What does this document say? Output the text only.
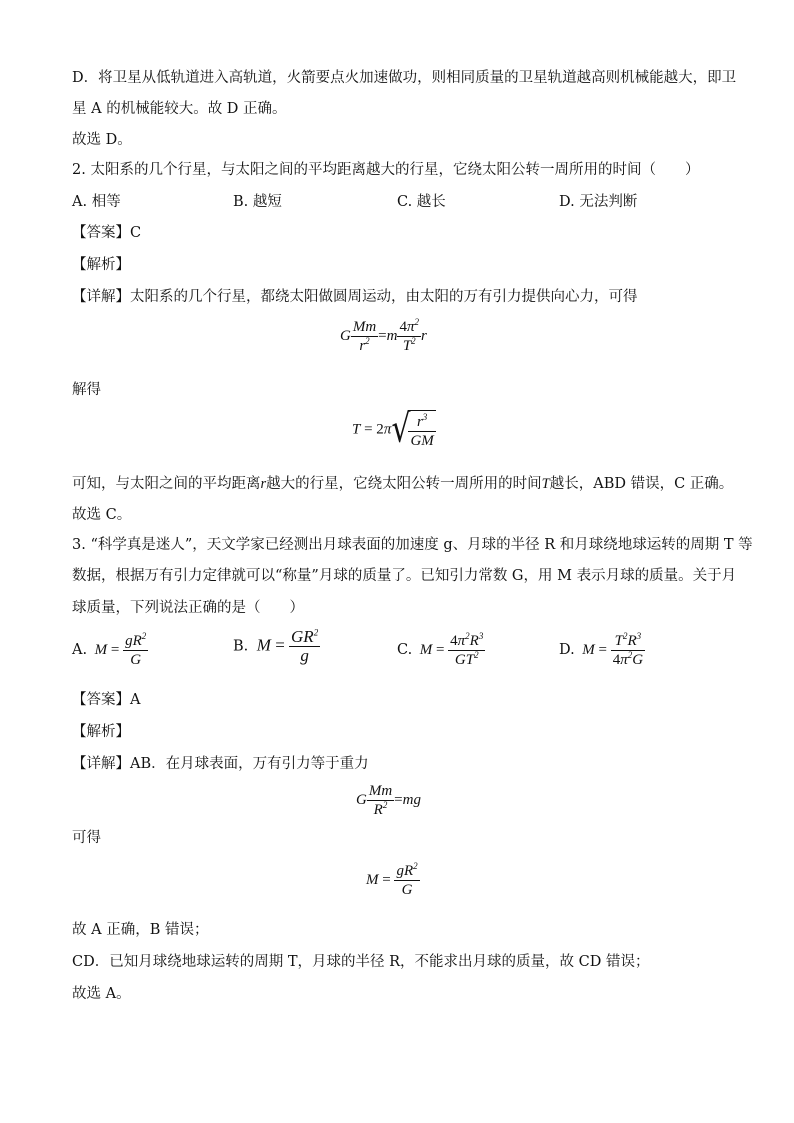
D．将卫星从低轨道进入高轨道，火箭要点火加速做功，则相同质量的卫星轨道越高则机械能越大，即卫
星 A 的机械能较大。故 D 正确。
故选 D。
2. 太阳系的几个行星，与太阳之间的平均距离越大的行星，它绕太阳公转一周所用的时间（　　）
A. 相等	B. 越短	C. 越长	D. 无法判断
【答案】C
【解析】
【详解】太阳系的几个行星，都绕太阳做圆周运动，由太阳的万有引力提供向心力，可得
G $\frac{Mm}{r^2} =m \frac{4\pi^2}{T^2}$ r
解得
T = 2π√
$\frac{r^3}{GM}$
可知，与太阳之间的平均距离r越大的行星，它绕太阳公转一周所用的时间T越长，ABD 错误，C 正确。
故选 C。
3. “科学真是迷人”，天文学家已经测出月球表面的加速度 g、月球的半径 R 和月球绕地球运转的周期 T 等
数据，根据万有引力定律就可以“称量”月球的质量了。已知引力常数 G，用 M 表示月球的质量。关于月
球质量，下列说法正确的是（　　）
A. $M = \frac{gR^2}{G}$	B. $M = \frac{GR^2}{g}$	C. $M = \frac{4\pi^2R^3}{GT^2}$	D. $M = \frac{T^2R^3}{4\pi^2G}$
【答案】A
【解析】
【详解】AB．在月球表面，万有引力等于重力
G $\frac{Mm}{R^2} =mg$
可得
$M = \frac{gR^2}{G}$
故 A 正确，B 错误；
CD．已知月球绕地球运转的周期 T，月球的半径 R，不能求出月球的质量，故 CD 错误；
故选 A。
